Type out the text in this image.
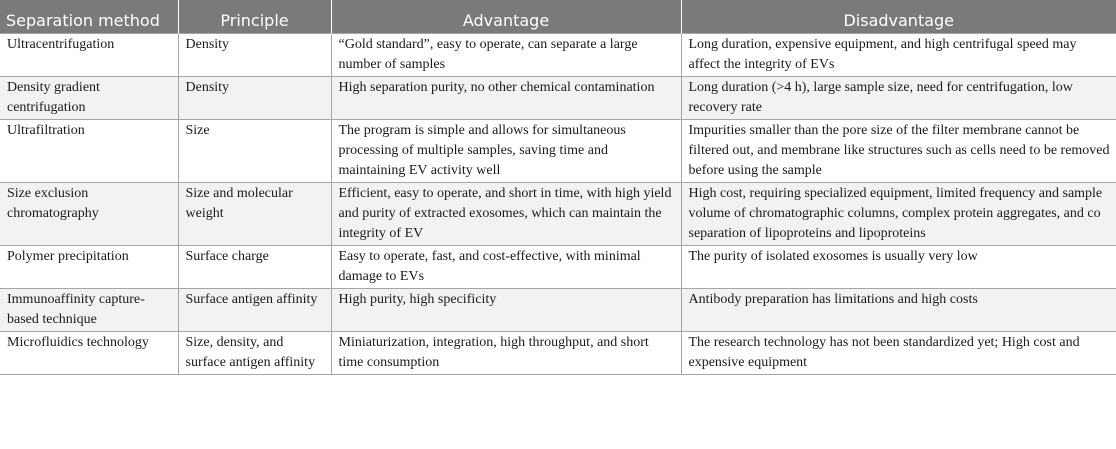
Separation method	Principle	Advantage	Disadvantage
Ultracentrifugation	Density	“Gold standard”, easy to operate, can separate a large number of samples	Long duration, expensive equipment, and high centrifugal speed may affect the integrity of EVs
Density gradient centrifugation	Density	High separation purity, no other chemical contamination	Long duration (>4 h), large sample size, need for centrifugation, low recovery rate
Ultrafiltration	Size	The program is simple and allows for simultaneous processing of multiple samples, saving time and maintaining EV activity well	Impurities smaller than the pore size of the filter membrane cannot be filtered out, and membrane like structures such as cells need to be removed before using the sample
Size exclusion chromatography	Size and molecular weight	Efficient, easy to operate, and short in time, with high yield and purity of extracted exosomes, which can maintain the integrity of EV	High cost, requiring specialized equipment, limited frequency and sample volume of chromatographic columns, complex protein aggregates, and co separation of lipoproteins and lipoproteins
Polymer precipitation	Surface charge	Easy to operate, fast, and cost-effective, with minimal damage to EVs	The purity of isolated exosomes is usually very low
Immunoaffinity capture-based technique	Surface antigen affinity	High purity, high specificity	Antibody preparation has limitations and high costs
Microfluidics technology	Size, density, and surface antigen affinity	Miniaturization, integration, high throughput, and short time consumption	The research technology has not been standardized yet; High cost and expensive equipment
